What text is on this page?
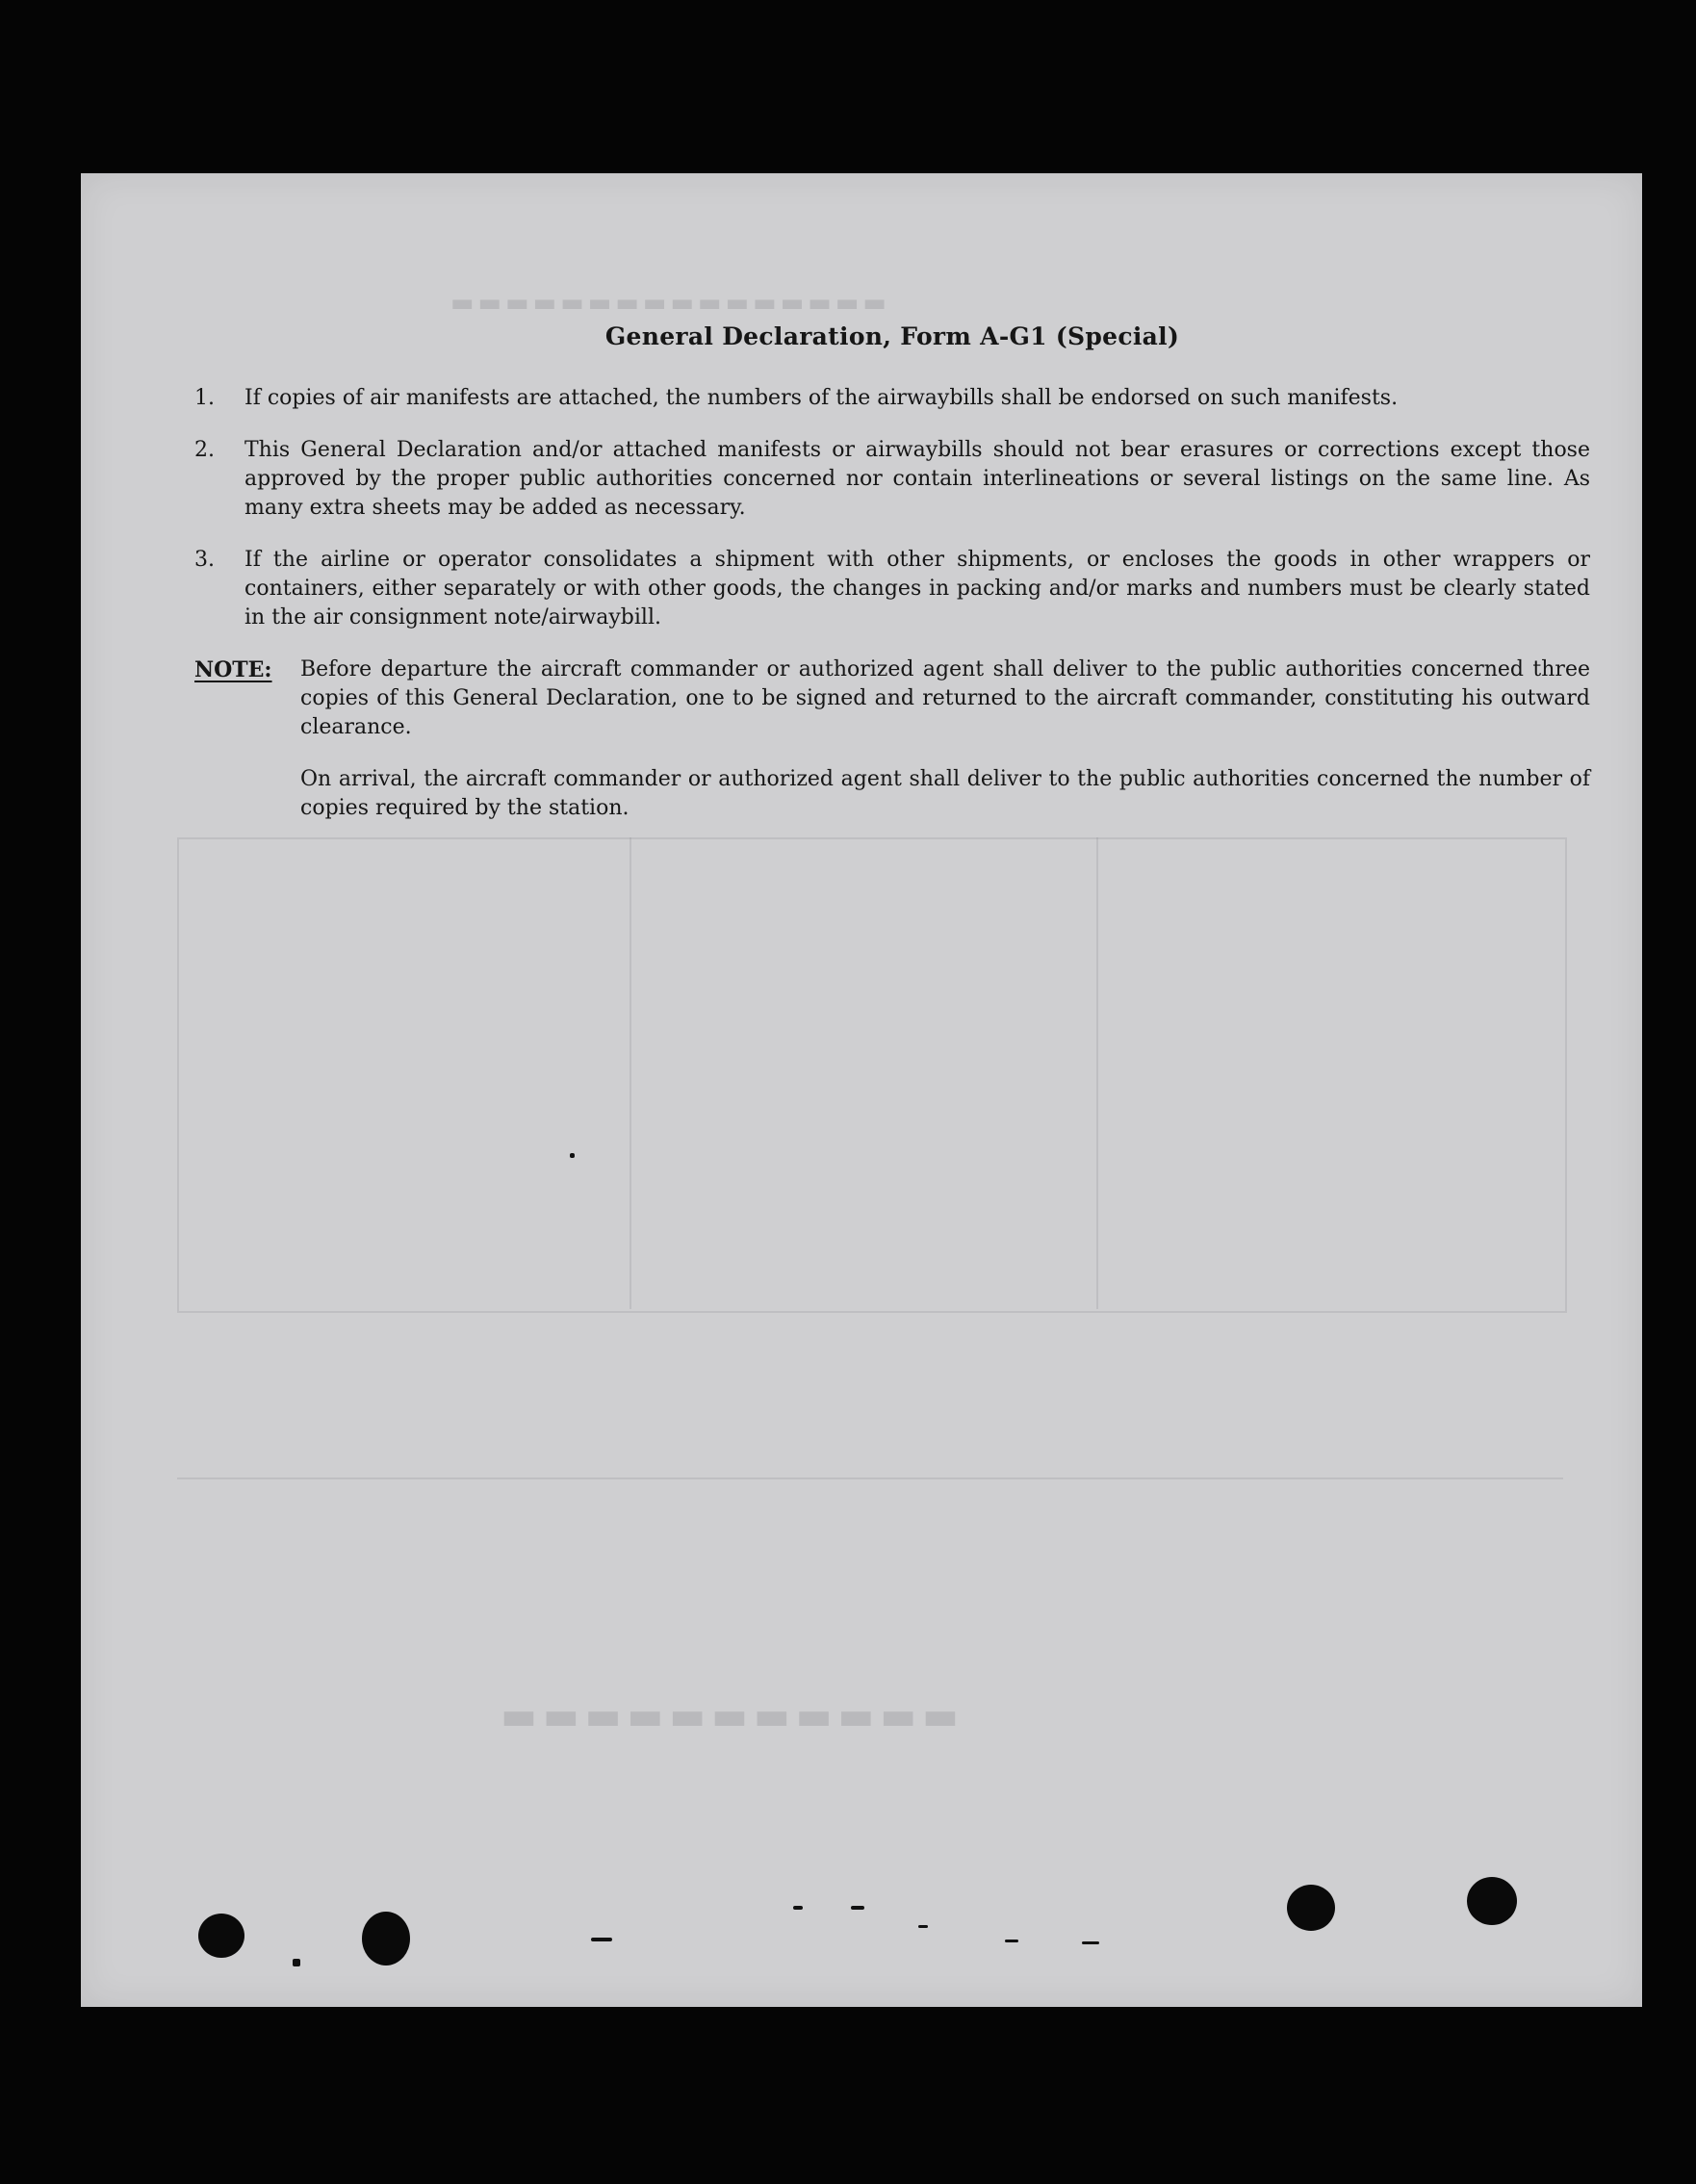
▬▬▬▬▬▬▬▬▬▬▬
▬▬▬▬▬▬▬▬▬▬▬▬▬▬▬▬
General Declaration, Form A-G1 (Special)
1.	If copies of air manifests are attached, the numbers of the airwaybills shall be endorsed on such manifests.
2.	This General Declaration and/or attached manifests or airwaybills should not bear erasures or corrections except those approved by the proper public authorities concerned nor contain interlineations or several listings on the same line. As many extra sheets may be added as necessary.
3.	If the airline or operator consolidates a shipment with other shipments, or encloses the goods in other wrappers or containers, either separately or with other goods, the changes in packing and/or marks and numbers must be clearly stated in the air consignment note/airwaybill.
NOTE:	Before departure the aircraft commander or authorized agent shall deliver to the public authorities concerned three copies of this General Declaration, one to be signed and returned to the aircraft commander, constituting his outward clearance.
On arrival, the aircraft commander or authorized agent shall deliver to the public authorities concerned the number of copies required by the station.
